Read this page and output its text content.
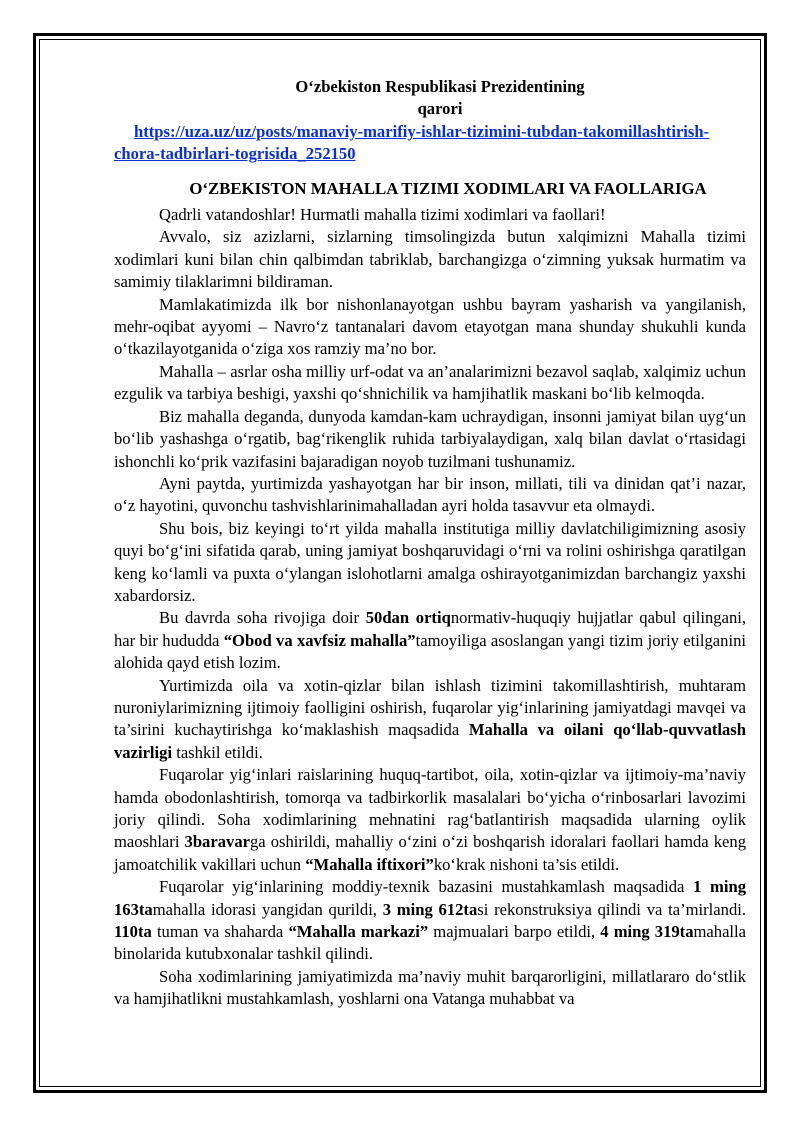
O‘zbekiston Respublikasi Prezidentining

qarori

https://uza.uz/uz/posts/manaviy-marifiy-ishlar-tizimini-tubdan-takomillashtirish-chora-tadbirlari-togrisida_252150

O‘ZBEKISTON MAHALLA TIZIMI XODIMLARI VA FAOLLARIGA

Qadrli vatandoshlar! Hurmatli mahalla tizimi xodimlari va faollari!

Avvalo, siz azizlarni, sizlarning timsolingizda butun xalqimizni Mahalla tizimi xodimlari kuni bilan chin qalbimdan tabriklab, barchangizga o‘zimning yuksak hurmatim va samimiy tilaklarimni bildiraman.

Mamlakatimizda ilk bor nishonlanayotgan ushbu bayram yasharish va yangilanish, mehr-oqibat ayyomi – Navro‘z tantanalari davom etayotgan mana shunday shukuhli kunda o‘tkazilayotganida o‘ziga xos ramziy ma’no bor.

Mahalla – asrlar osha milliy urf-odat va an’analarimizni bezavol saqlab, xalqimiz uchun ezgulik va tarbiya beshigi, yaxshi qo‘shnichilik va hamjihatlik maskani bo‘lib kelmoqda.

Biz mahalla deganda, dunyoda kamdan-kam uchraydigan, insonni jamiyat bilan uyg‘un bo‘lib yashashga o‘rgatib, bag‘rikenglik ruhida tarbiyalaydigan, xalq bilan davlat o‘rtasidagi ishonchli ko‘prik vazifasini bajaradigan noyob tuzilmani tushunamiz.

Ayni paytda, yurtimizda yashayotgan har bir inson, millati, tili va dinidan qat’i nazar, o‘z hayotini, quvonchu tashvishlarinimahalladan ayri holda tasavvur eta olmaydi.

Shu bois, biz keyingi to‘rt yilda mahalla institutiga milliy davlatchiligimizning asosiy quyi bo‘g‘ini sifatida qarab, uning jamiyat boshqaruvidagi o‘rni va rolini oshirishga qaratilgan keng ko‘lamli va puxta o‘ylangan islohotlarni amalga oshirayotganimizdan barchangiz yaxshi xabardorsiz.

Bu davrda soha rivojiga doir 50dan ortiqnormativ-huquqiy hujjatlar qabul qilingani, har bir hududda “Obod va xavfsiz mahalla”tamoyiliga asoslangan yangi tizim joriy etilganini alohida qayd etish lozim.

Yurtimizda oila va xotin-qizlar bilan ishlash tizimini takomillashtirish, muhtaram nuroniylarimizning ijtimoiy faolligini oshirish, fuqarolar yig‘inlarining jamiyatdagi mavqei va ta’sirini kuchaytirishga ko‘maklashish maqsadida Mahalla va oilani qo‘llab-quvvatlash vazirligi tashkil etildi.

Fuqarolar yig‘inlari raislarining huquq-tartibot, oila, xotin-qizlar va ijtimoiy-ma’naviy hamda obodonlashtirish, tomorqa va tadbirkorlik masalalari bo‘yicha o‘rinbosarlari lavozimi joriy qilindi. Soha xodimlarining mehnatini rag‘batlantirish maqsadida ularning oylik maoshlari 3baravarga oshirildi, mahalliy o‘zini o‘zi boshqarish idoralari faollari hamda keng jamoatchilik vakillari uchun “Mahalla iftixori”ko‘krak nishoni ta’sis etildi.

Fuqarolar yig‘inlarining moddiy-texnik bazasini mustahkamlash maqsadida 1 ming 163tamahalla idorasi yangidan qurildi, 3 ming 612tasi rekonstruksiya qilindi va ta’mirlandi. 110ta tuman va shaharda “Mahalla markazi” majmualari barpo etildi, 4 ming 319tamahalla binolarida kutubxonalar tashkil qilindi.

Soha xodimlarining jamiyatimizda ma’naviy muhit barqarorligini, millatlararo do‘stlik va hamjihatlikni mustahkamlash, yoshlarni ona Vatanga muhabbat va
